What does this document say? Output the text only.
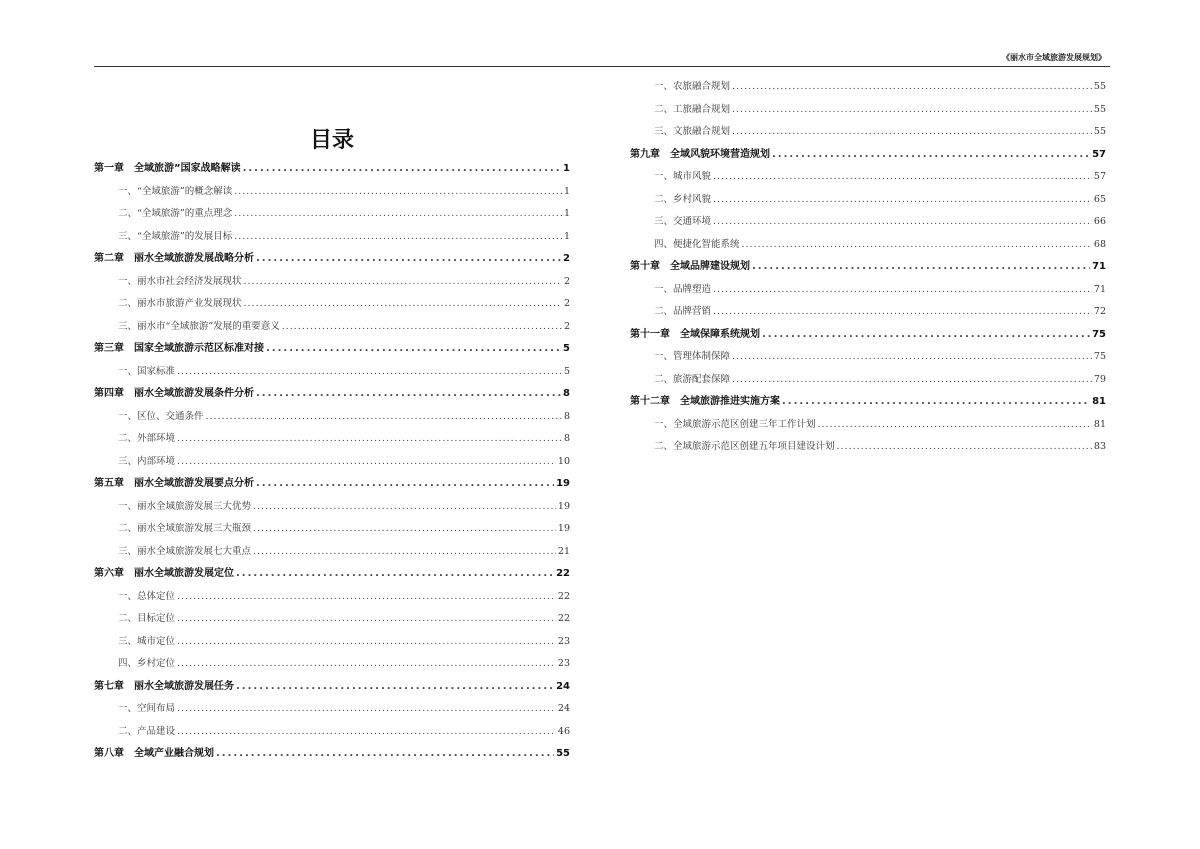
《丽水市全域旅游发展规划》
目录
第一章　全域旅游”国家战略解读 .....	1
一、“全域旅游”的概念解读 .....	1
二、“全域旅游”的重点理念 .....	1
三、“全域旅游”的发展目标 .....	1
第二章　丽水全域旅游发展战略分析 .....	2
一、丽水市社会经济发展现状 .....	2
二、丽水市旅游产业发展现状 .....	2
三、丽水市“全域旅游”发展的重要意义 .....	2
第三章　国家全域旅游示范区标准对接 .....	5
一、国家标准 .....	5
第四章　丽水全域旅游发展条件分析 .....	8
一、区位、交通条件 .....	8
二、外部环境 .....	8
三、内部环境 .....	10
第五章　丽水全域旅游发展要点分析 .....	19
一、丽水全域旅游发展三大优势 .....	19
二、丽水全域旅游发展三大瓶颈 .....	19
三、丽水全域旅游发展七大重点 .....	21
第六章　丽水全域旅游发展定位 .....	22
一、总体定位 .....	22
二、目标定位 .....	22
三、城市定位 .....	23
四、乡村定位 .....	23
第七章　丽水全域旅游发展任务 .....	24
一、空间布局 .....	24
二、产品建设 .....	46
第八章　全域产业融合规划 .....	55
一、农旅融合规划 .....	55
二、工旅融合规划 .....	55
三、文旅融合规划 .....	55
第九章　全域风貌环境营造规划 .....	57
一、城市风貌 .....	57
二、乡村风貌 .....	65
三、交通环境 .....	66
四、便捷化智能系统 .....	68
第十章　全域品牌建设规划 .....	71
一、品牌塑造 .....	71
二、品牌营销 .....	72
第十一章　全域保障系统规划 .....	75
一、管理体制保障 .....	75
二、旅游配套保障 .....	79
第十二章　全域旅游推进实施方案 .....	81
一、全域旅游示范区创建三年工作计划 .....	81
二、全域旅游示范区创建五年项目建设计划 .....	83
